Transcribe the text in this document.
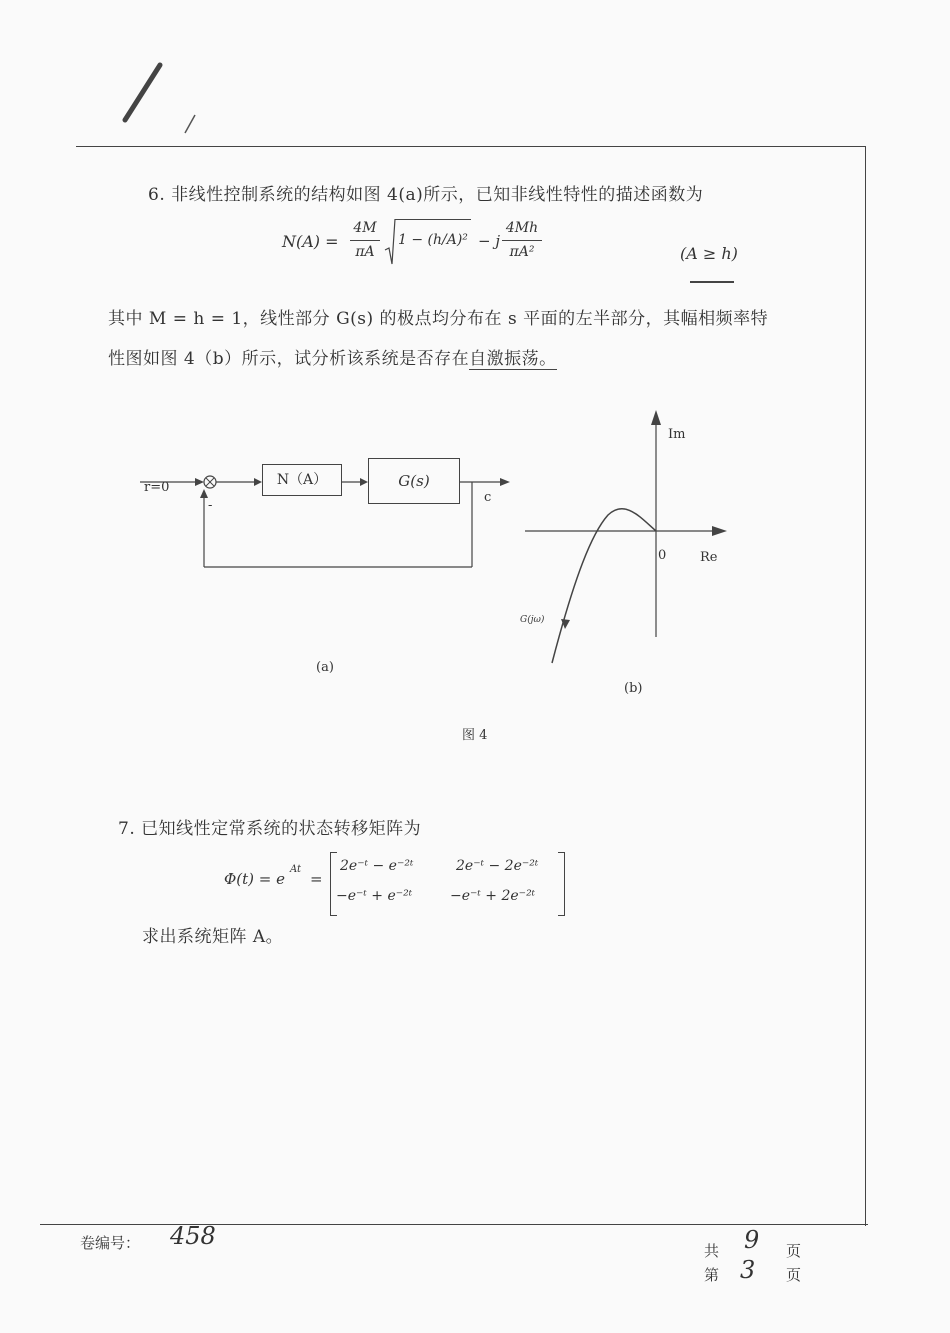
6. 非线性控制系统的结构如图 4(a)所示，已知非线性特性的描述函数为
N(A) =
4M
πA
1 − (h/A)² − j
4Mh
πA²	(A ≥ h)
其中 M = h = 1，线性部分 G(s) 的极点均分布在 s 平面的左半部分，其幅相频率特
性图如图 4（b）所示，试分析该系统是否存在自激振荡。
r=0
-
N（A）	G(s)
c
(a)
Im
Re
0
G(jω)
(b)
图 4
7. 已知线性定常系统的状态转移矩阵为
Φ(t) = e
At
=
2e⁻ᵗ − e⁻²ᵗ	2e⁻ᵗ − 2e⁻²ᵗ
−e⁻ᵗ + e⁻²ᵗ	−e⁻ᵗ + 2e⁻²ᵗ
求出系统矩阵 A。
卷编号： 458
共 9 页
第 3 页
